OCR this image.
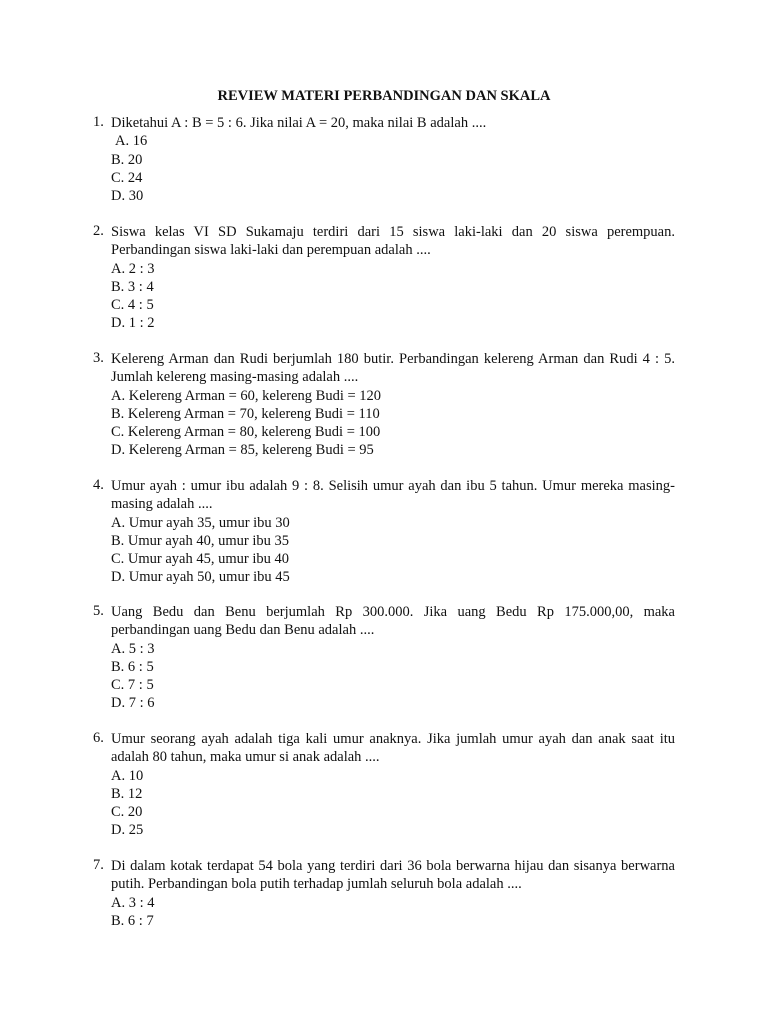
REVIEW MATERI PERBANDINGAN DAN SKALA
1. Diketahui A : B = 5 : 6. Jika nilai A = 20, maka nilai B adalah ....
A. 16
B. 20
C. 24
D. 30
2. Siswa kelas VI SD Sukamaju terdiri dari 15 siswa laki-laki dan 20 siswa perempuan. Perbandingan siswa laki-laki dan perempuan adalah ....
A. 2 : 3
B. 3 : 4
C. 4 : 5
D. 1 : 2
3. Kelereng Arman dan Rudi berjumlah 180 butir. Perbandingan kelereng Arman dan Rudi 4 : 5. Jumlah kelereng masing-masing adalah ....
A. Kelereng Arman = 60, kelereng Budi = 120
B. Kelereng Arman = 70, kelereng Budi = 110
C. Kelereng Arman = 80, kelereng Budi = 100
D. Kelereng Arman = 85, kelereng Budi = 95
4. Umur ayah : umur ibu adalah 9 : 8. Selisih umur ayah dan ibu 5 tahun. Umur mereka masing-masing adalah ....
A. Umur ayah 35, umur ibu 30
B. Umur ayah 40, umur ibu 35
C. Umur ayah 45, umur ibu 40
D. Umur ayah 50, umur ibu 45
5. Uang Bedu dan Benu berjumlah Rp 300.000. Jika uang Bedu Rp 175.000,00, maka perbandingan uang Bedu dan Benu adalah ....
A. 5 : 3
B. 6 : 5
C. 7 : 5
D. 7 : 6
6. Umur seorang ayah adalah tiga kali umur anaknya. Jika jumlah umur ayah dan anak saat itu adalah 80 tahun, maka umur si anak adalah ....
A. 10
B. 12
C. 20
D. 25
7. Di dalam kotak terdapat 54 bola yang terdiri dari 36 bola berwarna hijau dan sisanya berwarna putih. Perbandingan bola putih terhadap jumlah seluruh bola adalah ....
A. 3 : 4
B. 6 : 7
